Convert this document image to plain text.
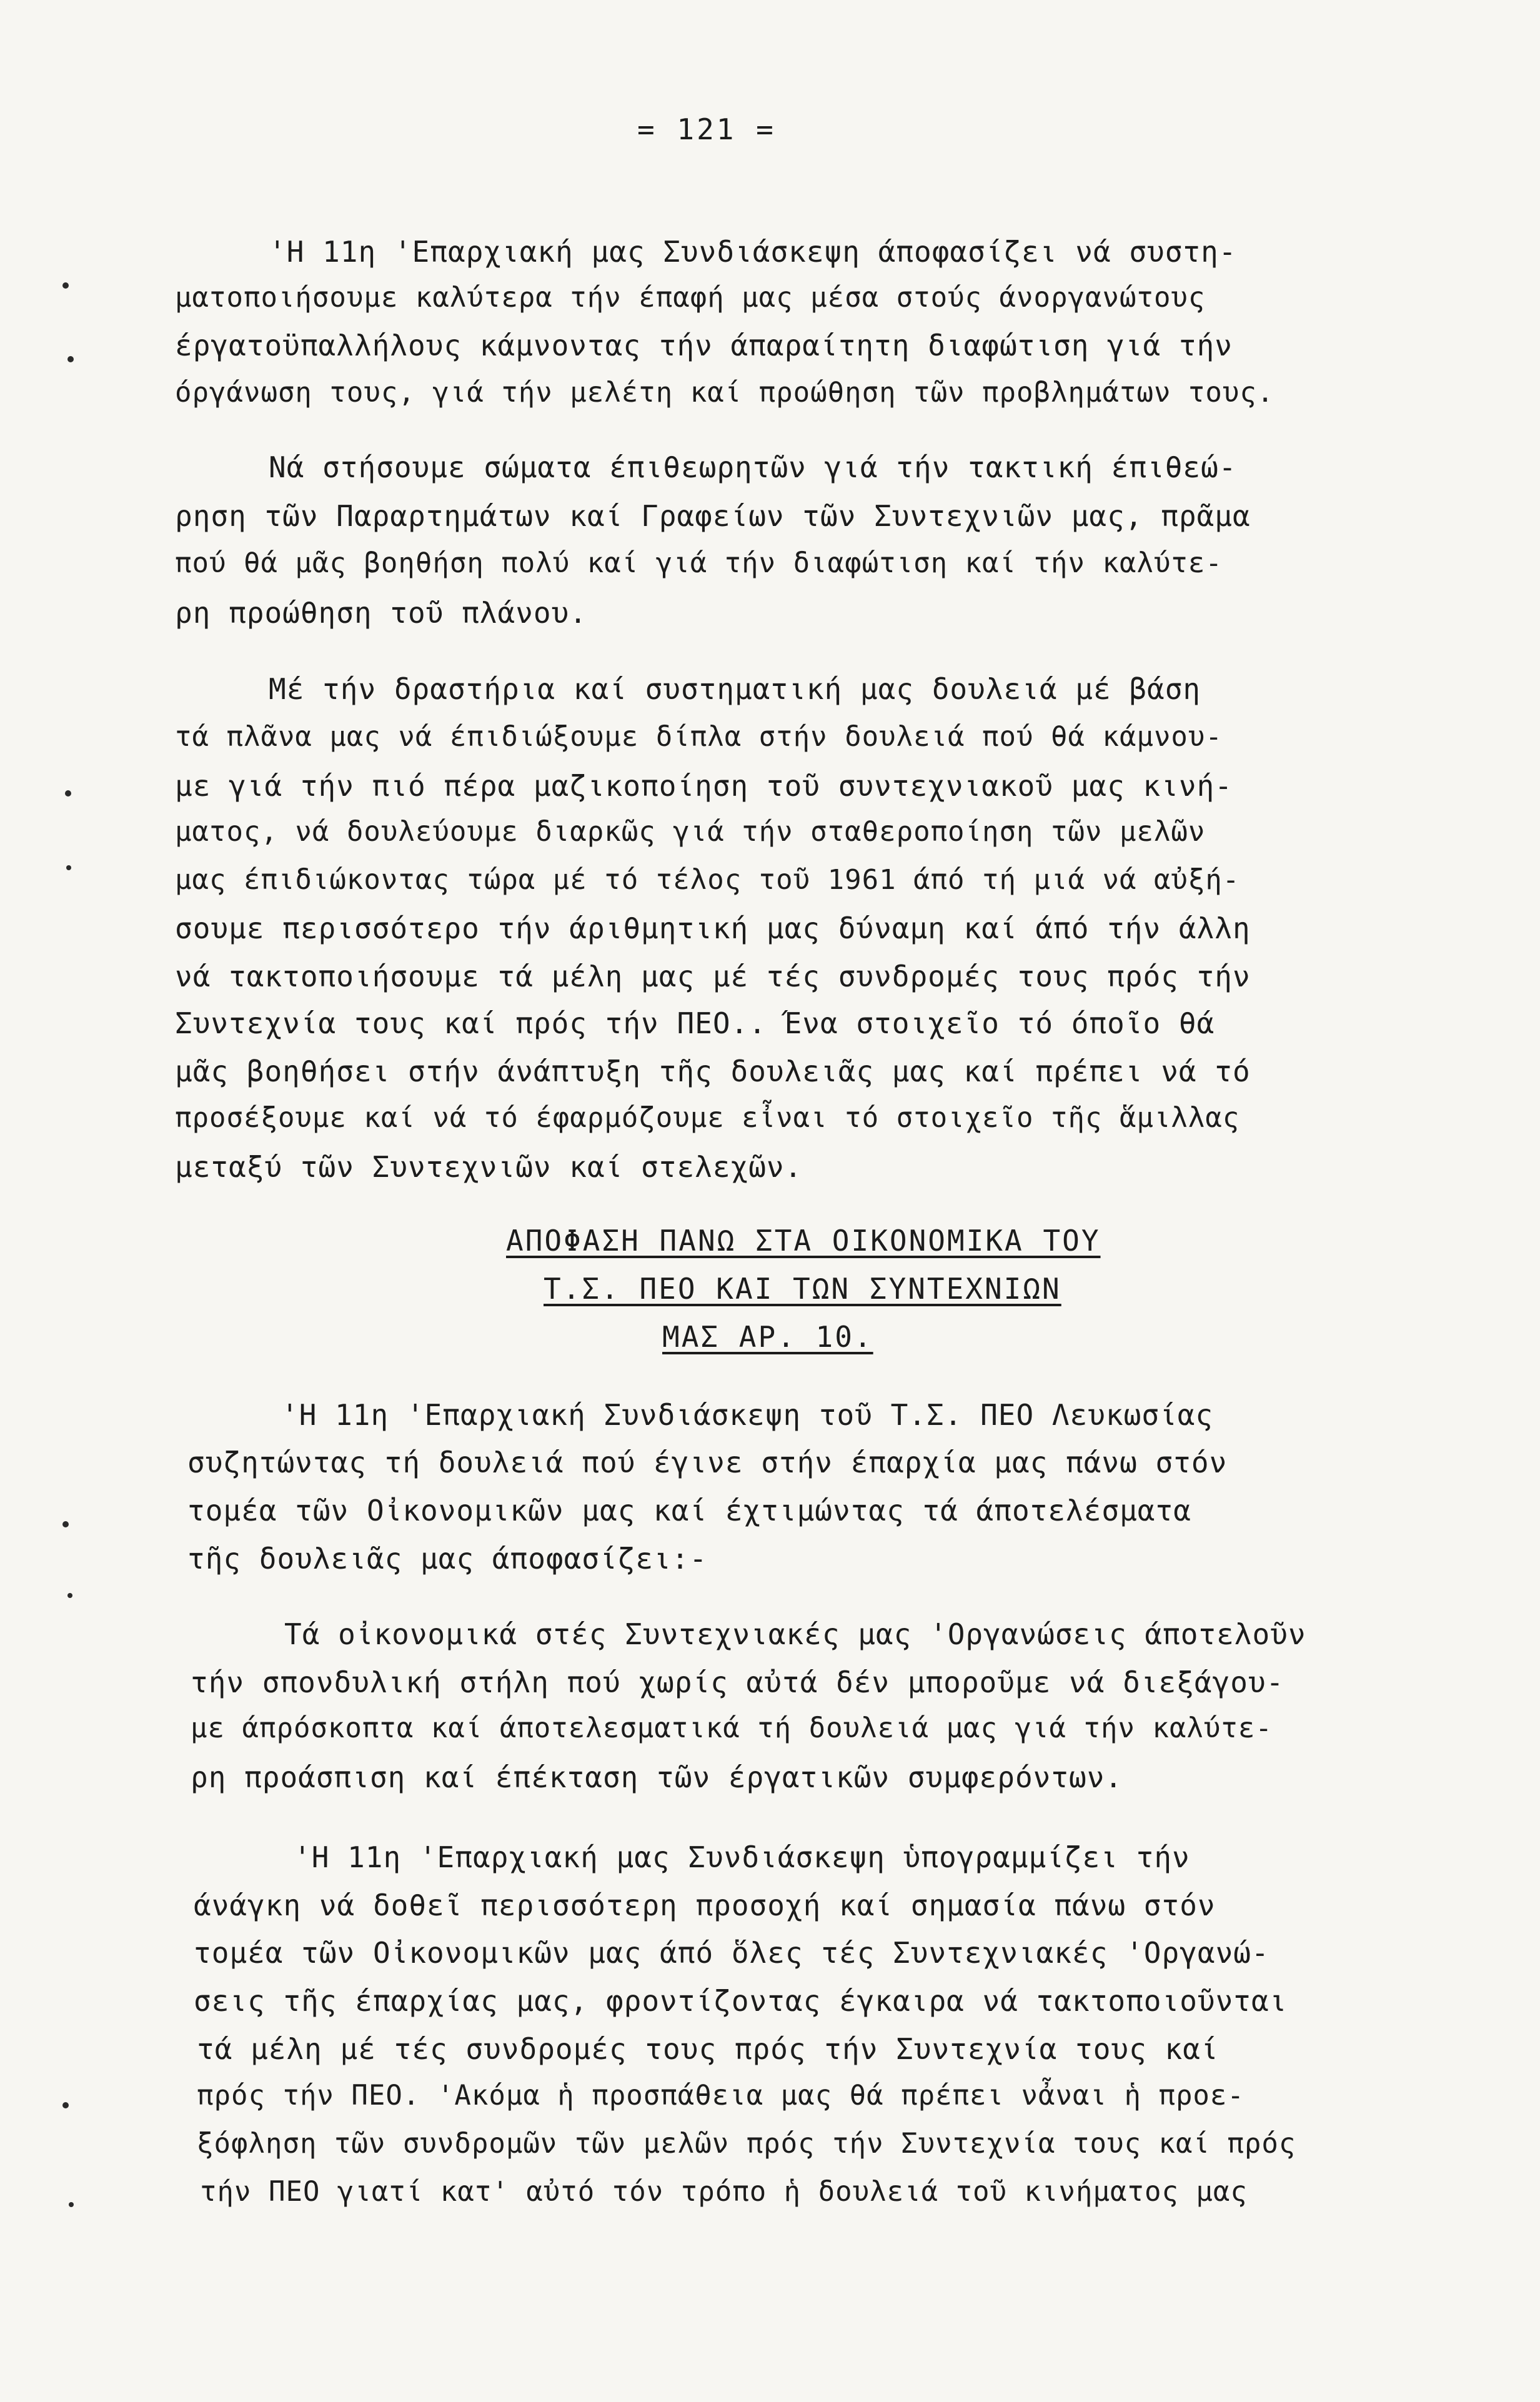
= 121 =
'Η 11η 'Επαρχιακή μας Συνδιάσκεψη άποφασίζει νά συστη-
ματοποιήσουμε καλύτερα τήν έπαφή μας μέσα στούς άνοργανώτους
έργατοϋπαλλήλους κάμνοντας τήν άπαραίτητη διαφώτιση γιά τήν
όργάνωση τους, γιά τήν μελέτη καί προώθηση τῶν προβλημάτων τους.
Νά στήσουμε σώματα έπιθεωρητῶν γιά τήν τακτική έπιθεώ-
ρηση τῶν Παραρτημάτων καί Γραφείων τῶν Συντεχνιῶν μας, πρᾶμα
πού θά μᾶς βοηθήση πολύ καί γιά τήν διαφώτιση καί τήν καλύτε-
ρη προώθηση τοῦ πλάνου.
Μέ τήν δραστήρια καί συστηματική μας δουλειά μέ βάση
τά πλᾶνα μας νά έπιδιώξουμε δίπλα στήν δουλειά πού θά κάμνου-
με γιά τήν πιό πέρα μαζικοποίηση τοῦ συντεχνιακοῦ μας κινή-
ματος, νά δουλεύουμε διαρκῶς γιά τήν σταθεροποίηση τῶν μελῶν
μας έπιδιώκοντας τώρα μέ τό τέλος τοῦ 1961 άπό τή μιά νά αὐξή-
σουμε περισσότερο τήν άριθμητική μας δύναμη καί άπό τήν άλλη
νά τακτοποιήσουμε τά μέλη μας μέ τές συνδρομές τους πρός τήν
Συντεχνία τους καί πρός τήν ΠΕΟ.. Ένα στοιχεῖο τό όποῖο θά
μᾶς βοηθήσει στήν άνάπτυξη τῆς δουλειᾶς μας καί πρέπει νά τό
προσέξουμε καί νά τό έφαρμόζουμε εἶναι τό στοιχεῖο τῆς ἅμιλλας
μεταξύ τῶν Συντεχνιῶν καί στελεχῶν.
ΑΠΟΦΑΣΗ ΠΑΝΩ ΣΤΑ ΟΙΚΟΝΟΜΙΚΑ ΤΟΥ
Τ.Σ. ΠΕΟ ΚΑΙ ΤΩΝ ΣΥΝΤΕΧΝΙΩΝ
ΜΑΣ ΑΡ. 10.
'Η 11η 'Επαρχιακή Συνδιάσκεψη τοῦ Τ.Σ. ΠΕΟ Λευκωσίας
συζητώντας τή δουλειά πού έγινε στήν έπαρχία μας πάνω στόν
τομέα τῶν Οἰκονομικῶν μας καί έχτιμώντας τά άποτελέσματα
τῆς δουλειᾶς μας άποφασίζει:-
Τά οἰκονομικά στές Συντεχνιακές μας 'Οργανώσεις άποτελοῦν
τήν σπονδυλική στήλη πού χωρίς αὐτά δέν μποροῦμε νά διεξάγου-
με άπρόσκοπτα καί άποτελεσματικά τή δουλειά μας γιά τήν καλύτε-
ρη προάσπιση καί έπέκταση τῶν έργατικῶν συμφερόντων.
'Η 11η 'Επαρχιακή μας Συνδιάσκεψη ὑπογραμμίζει τήν
άνάγκη νά δοθεῖ περισσότερη προσοχή καί σημασία πάνω στόν
τομέα τῶν Οἰκονομικῶν μας άπό ὅλες τές Συντεχνιακές 'Οργανώ-
σεις τῆς έπαρχίας μας, φροντίζοντας έγκαιρα νά τακτοποιοῦνται
τά μέλη μέ τές συνδρομές τους πρός τήν Συντεχνία τους καί
πρός τήν ΠΕΟ. 'Ακόμα ἡ προσπάθεια μας θά πρέπει νἆναι ἡ προε-
ξόφληση τῶν συνδρομῶν τῶν μελῶν πρός τήν Συντεχνία τους καί πρός
τήν ΠΕΟ γιατί κατ' αὐτό τόν τρόπο ἡ δουλειά τοῦ κινήματος μας
